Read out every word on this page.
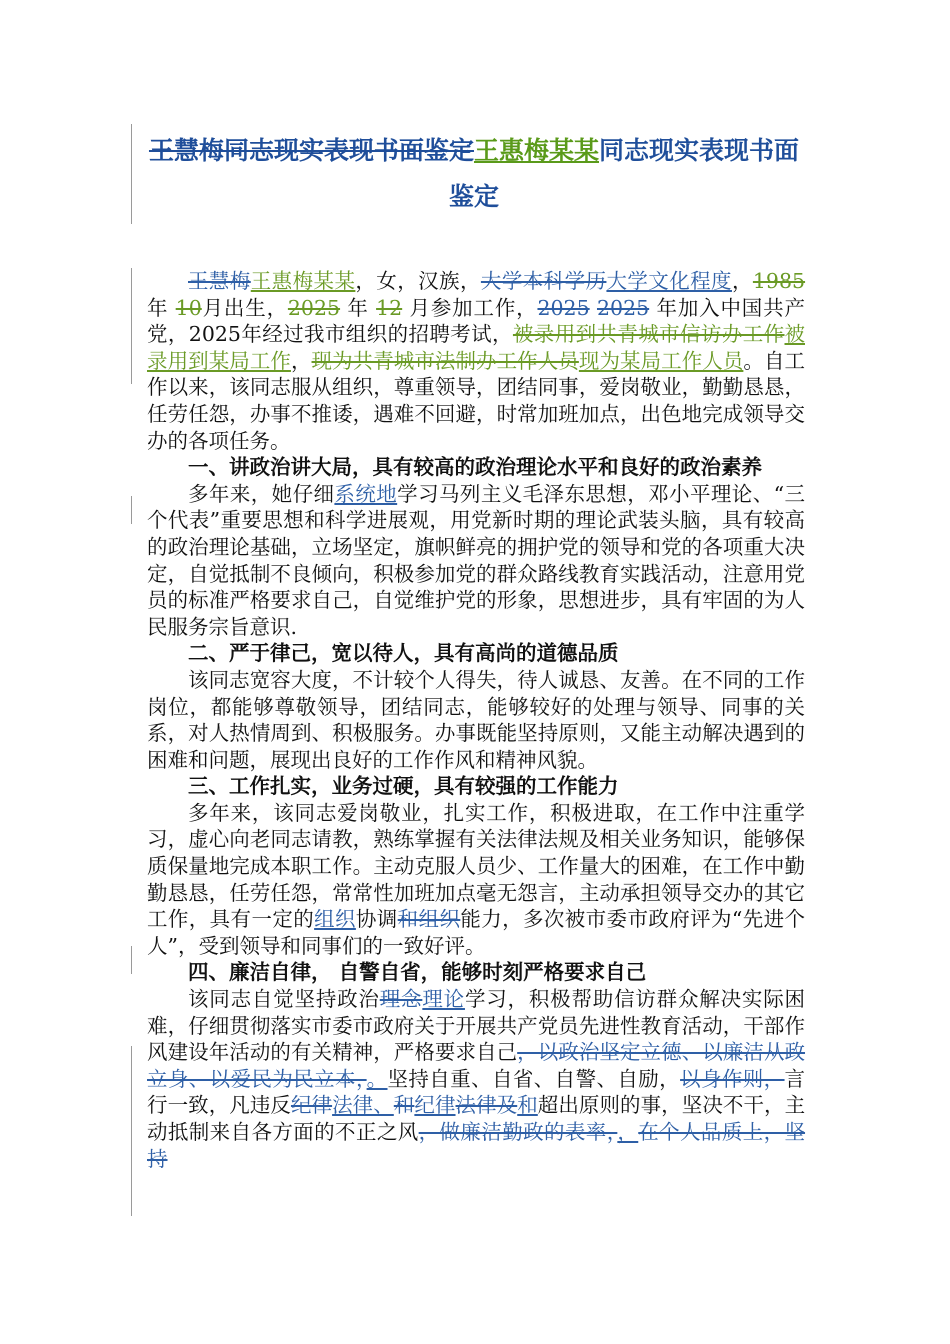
王慧梅同志现实表现书面鉴定王惠梅某某同志现实表现书面鉴定

王慧梅王惠梅某某，女，汉族，大学本科学历大学文化程度，1985 年 10月出生，2025 年 12 月参加工作，2025 2025 年加入中国共产党，2025年经过我市组织的招聘考试，被录用到共青城市信访办工作被录用到某局工作，现为共青城市法制办工作人员现为某局工作人员。自工作以来，该同志服从组织，尊重领导，团结同事，爱岗敬业，勤勤恳恳，任劳任怨，办事不推诿，遇难不回避，时常加班加点，出色地完成领导交办的各项任务。

一、讲政治讲大局，具有较高的政治理论水平和良好的政治素养

多年来，她仔细系统地学习马列主义毛泽东思想，邓小平理论、“三个代表”重要思想和科学进展观，用党新时期的理论武装头脑，具有较高的政治理论基础，立场坚定，旗帜鲜亮的拥护党的领导和党的各项重大决定，自觉抵制不良倾向，积极参加党的群众路线教育实践活动，注意用党员的标准严格要求自己，自觉维护党的形象，思想进步，具有牢固的为人民服务宗旨意识.

二、严于律己，宽以待人，具有高尚的道德品质

该同志宽容大度，不计较个人得失，待人诚恳、友善。在不同的工作岗位，都能够尊敬领导，团结同志，能够较好的处理与领导、同事的关系，对人热情周到、积极服务。办事既能坚持原则，又能主动解决遇到的困难和问题，展现出良好的工作作风和精神风貌。

三、工作扎实，业务过硬，具有较强的工作能力

多年来，该同志爱岗敬业，扎实工作，积极进取，在工作中注重学习，虚心向老同志请教，熟练掌握有关法律法规及相关业务知识，能够保质保量地完成本职工作。主动克服人员少、工作量大的困难，在工作中勤勤恳恳，任劳任怨，常常性加班加点毫无怨言，主动承担领导交办的其它工作，具有一定的组织协调和组织能力，多次被市委市政府评为“先进个人”，受到领导和同事们的一致好评。

四、廉洁自律， 自警自省，能够时刻严格要求自己

该同志自觉坚持政治理念理论学习，积极帮助信访群众解决实际困难，仔细贯彻落实市委市政府关于开展共产党员先进性教育活动，干部作风建设年活动的有关精神，严格要求自己，以政治坚定立德、以廉洁从政立身、以爱民为民立本，。坚持自重、自省、自警、自励，以身作则，言行一致，凡违反纪律法律、和纪律法律及和超出原则的事，坚决不干，主动抵制来自各方面的不正之风，做廉洁勤政的表率，，在个人品质上，坚持
